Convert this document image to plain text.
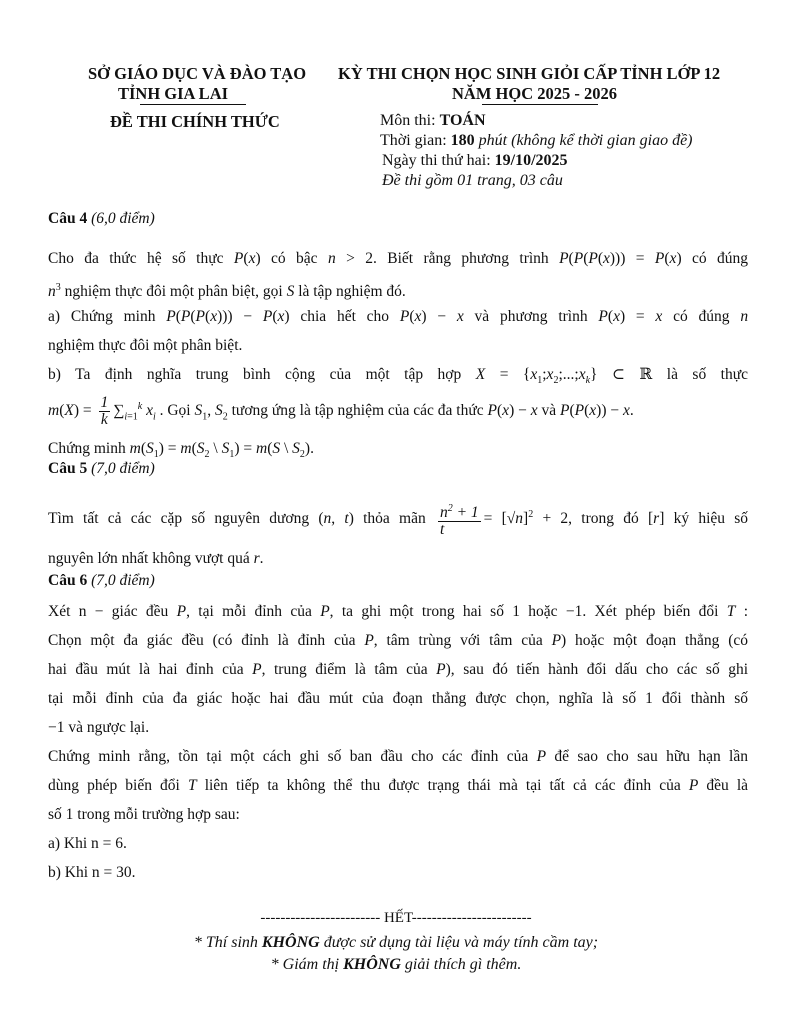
SỞ GIÁO DỤC VÀ ĐÀO TẠO
TỈNH GIA LAI
ĐỀ THI CHÍNH THỨC
KỲ THI CHỌN HỌC SINH GIỎI CẤP TỈNH LỚP 12
NĂM HỌC 2025 - 2026
Môn thi: TOÁN
Thời gian: 180 phút (không kể thời gian giao đề)
Ngày thi thứ hai: 19/10/2025
Đề thi gồm 01 trang, 03 câu
Câu 4 (6,0 điểm)
Cho đa thức hệ số thực P(x) có bậc n > 2. Biết rằng phương trình P(P(P(x))) = P(x) có đúng
$n^3$ nghiệm thực đôi một phân biệt, gọi S là tập nghiệm đó.
a) Chứng minh P(P(P(x))) − P(x) chia hết cho P(x) − x và phương trình P(x) = x có đúng n
nghiệm thực đôi một phân biệt.
b) Ta định nghĩa trung bình cộng của một tập hợp $X = \{x_1;x_2;...;x_k\}$ ⊂ ℝ là số thực
$m(X) = \frac{1}{k} \sum_{i=1}^k$ $x_i$ . Gọi $S_1$, $S_2$ tương ứng là tập nghiệm của các đa thức P(x) − x và P(P(x)) − x.
Chứng minh $m(S_1) = m(S_2$ \ $S_1) = m(S$ \ $S_2$).
Câu 5 (7,0 điểm)
Tìm tất cả các cặp số nguyên dương (n, t) thỏa mãn $\frac{n^2 + 1}{t} = [√n]^2 + 2$, trong đó [r] ký hiệu số
nguyên lớn nhất không vượt quá r.
Câu 6 (7,0 điểm)
Xét n − giác đều P, tại mỗi đỉnh của P, ta ghi một trong hai số 1 hoặc −1. Xét phép biến đổi T :
Chọn một đa giác đều (có đỉnh là đỉnh của P, tâm trùng với tâm của P) hoặc một đoạn thẳng (có
hai đầu mút là hai đỉnh của P, trung điểm là tâm của P), sau đó tiến hành đổi dấu cho các số ghi
tại mỗi đỉnh của đa giác hoặc hai đầu mút của đoạn thẳng được chọn, nghĩa là số 1 đổi thành số
−1 và ngược lại.
Chứng minh rằng, tồn tại một cách ghi số ban đầu cho các đỉnh của P để sao cho sau hữu hạn lần
dùng phép biến đổi T liên tiếp ta không thể thu được trạng thái mà tại tất cả các đỉnh của P đều là
số 1 trong mỗi trường hợp sau:
a) Khi n = 6.
b) Khi n = 30.
------------------------ HẾT------------------------
* Thí sinh KHÔNG được sử dụng tài liệu và máy tính cầm tay;
* Giám thị KHÔNG giải thích gì thêm.
